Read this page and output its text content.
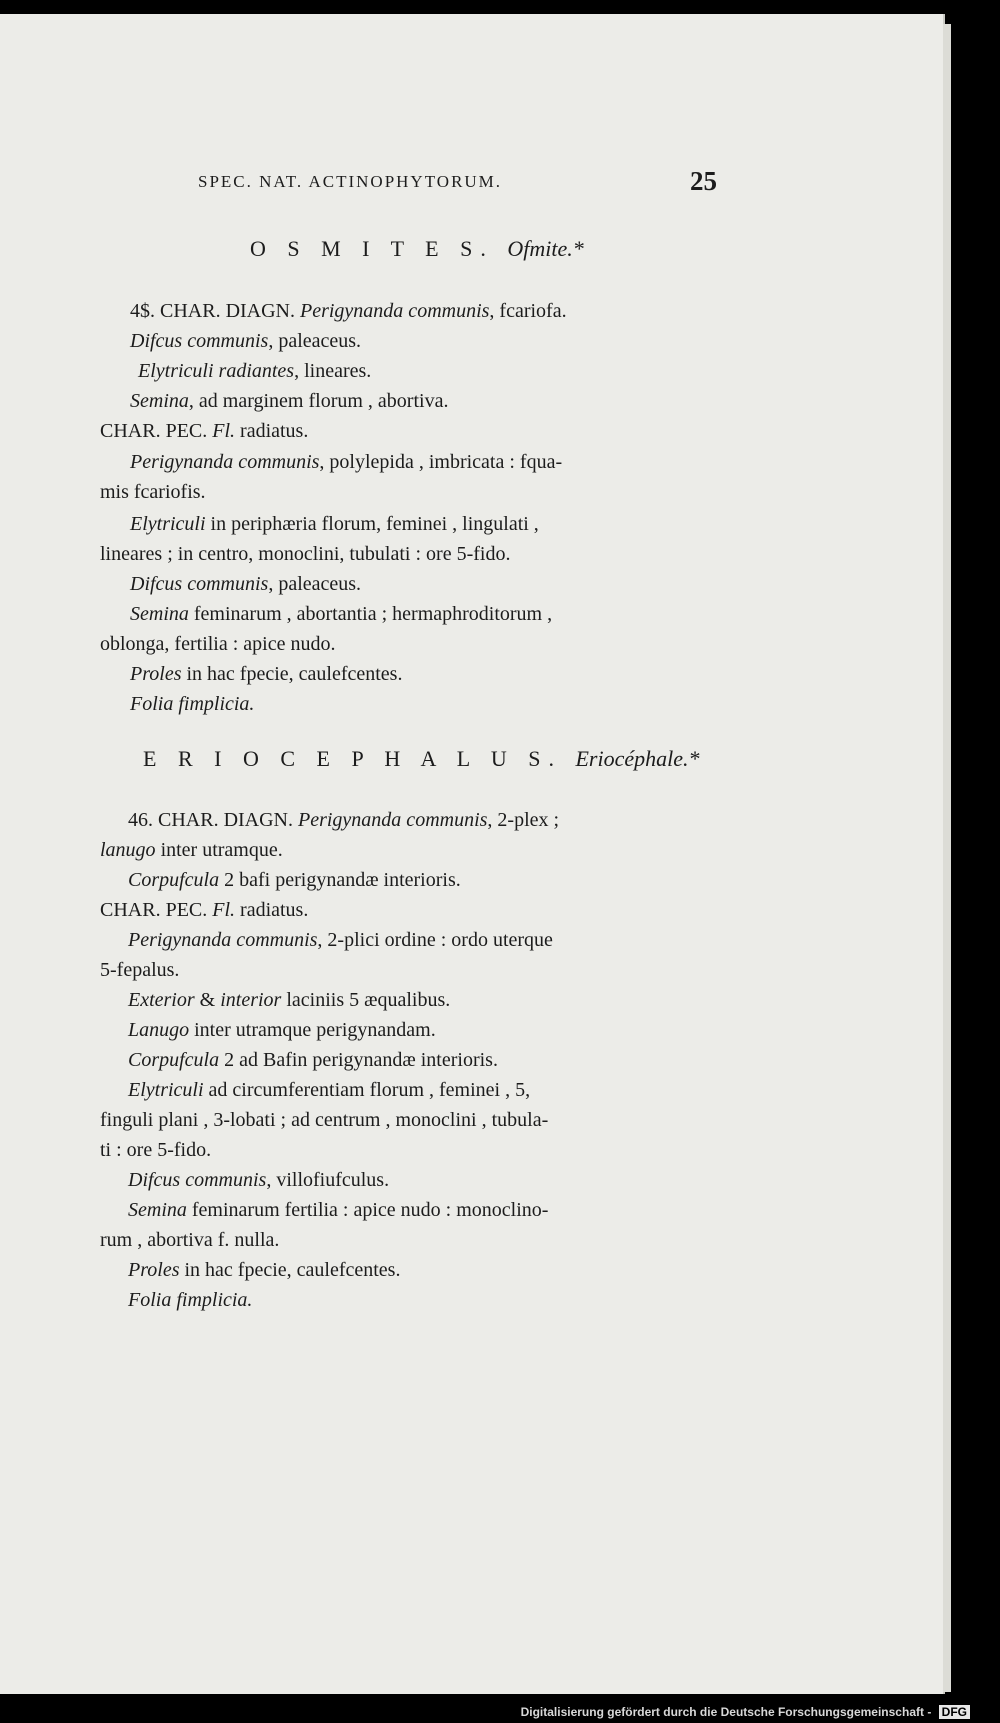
SPEC. NAT. ACTINOPHYTORUM.	25
O S M I T E S. Ofmite.*
4$. CHAR. DIAGN. Perigynanda communis, fcariofa.
Difcus communis, paleaceus.
Elytriculi radiantes, lineares.
Semina, ad marginem florum , abortiva.
CHAR. PEC. Fl. radiatus.
Perigynanda communis, polylepida , imbricata : fqua-
mis fcariofis.
Elytriculi in periphæria florum, feminei , lingulati ,
lineares ; in centro, monoclini, tubulati : ore 5-fido.
Difcus communis, paleaceus.
Semina feminarum , abortantia ; hermaphroditorum ,
oblonga, fertilia : apice nudo.
Proles in hac fpecie, caulefcentes.
Folia fimplicia.
E R I O C E P H A L U S. Eriocéphale.*
46. CHAR. DIAGN. Perigynanda communis, 2-plex ;
lanugo inter utramque.
Corpufcula 2 bafi perigynandæ interioris.
CHAR. PEC. Fl. radiatus.
Perigynanda communis, 2-plici ordine : ordo uterque
5-fepalus.
Exterior & interior laciniis 5 æqualibus.
Lanugo inter utramque perigynandam.
Corpufcula 2 ad Bafin perigynandæ interioris.
Elytriculi ad circumferentiam florum , feminei , 5,
finguli plani , 3-lobati ; ad centrum , monoclini , tubula-
ti : ore 5-fido.
Difcus communis, villofiufculus.
Semina feminarum fertilia : apice nudo : monoclino-
rum , abortiva f. nulla.
Proles in hac fpecie, caulefcentes.
Folia fimplicia.
Digitalisierung gefördert durch die Deutsche Forschungsgemeinschaft - DFG
